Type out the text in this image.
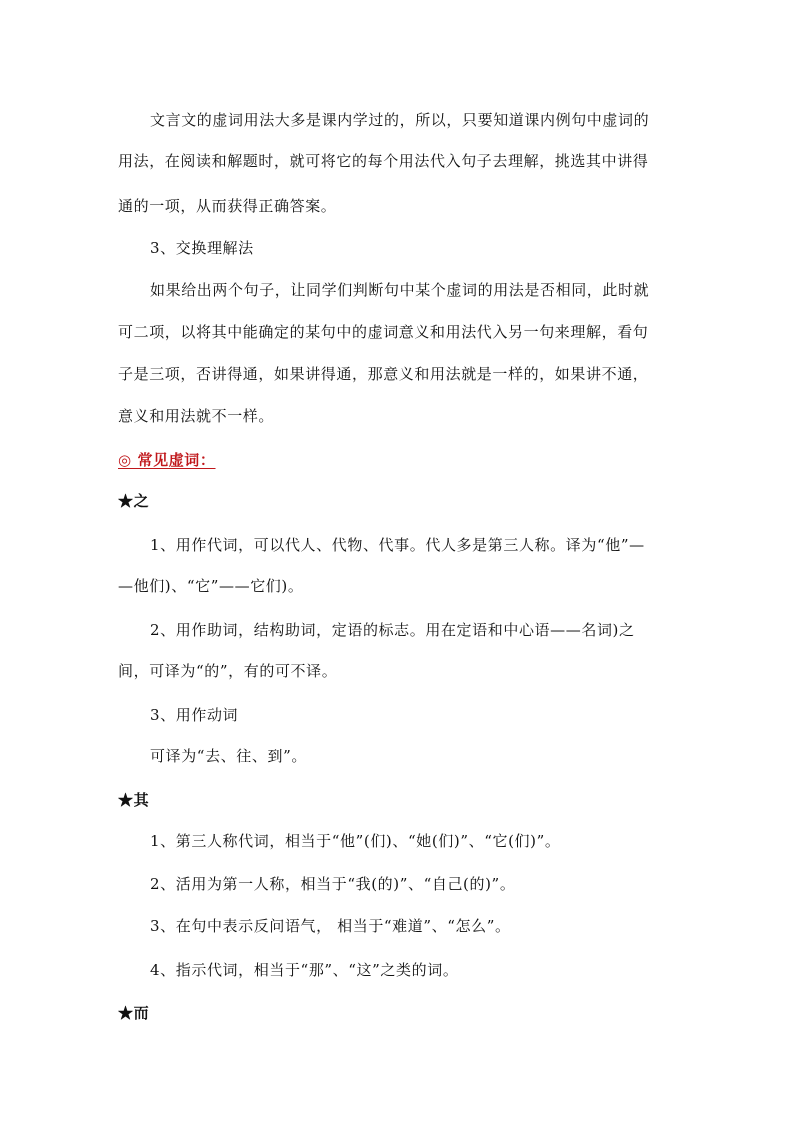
文言文的虚词用法大多是课内学过的，所以，只要知道课内例句中虚词的
用法，在阅读和解题时，就可将它的每个用法代入句子去理解，挑选其中讲得
通的一项，从而获得正确答案。
3、交换理解法
如果给出两个句子，让同学们判断句中某个虚词的用法是否相同，此时就
可二项，以将其中能确定的某句中的虚词意义和用法代入另一句来理解，看句
子是三项，否讲得通，如果讲得通，那意义和用法就是一样的，如果讲不通，
意义和用法就不一样。
◎ 常见虚词：
★之
1、用作代词，可以代人、代物、代事。代人多是第三人称。译为“他”—
—他们)、“它”——它们)。
2、用作助词，结构助词，定语的标志。用在定语和中心语——名词)之
间，可译为“的”，有的可不译。
3、用作动词
可译为“去、往、到”。
★其
1、第三人称代词，相当于“他”(们)、“她(们)”、“它(们)”。
2、活用为第一人称，相当于“我(的)”、“自己(的)”。
3、在句中表示反问语气， 相当于“难道”、“怎么”。
4、指示代词，相当于“那”、“这”之类的词。
★而
